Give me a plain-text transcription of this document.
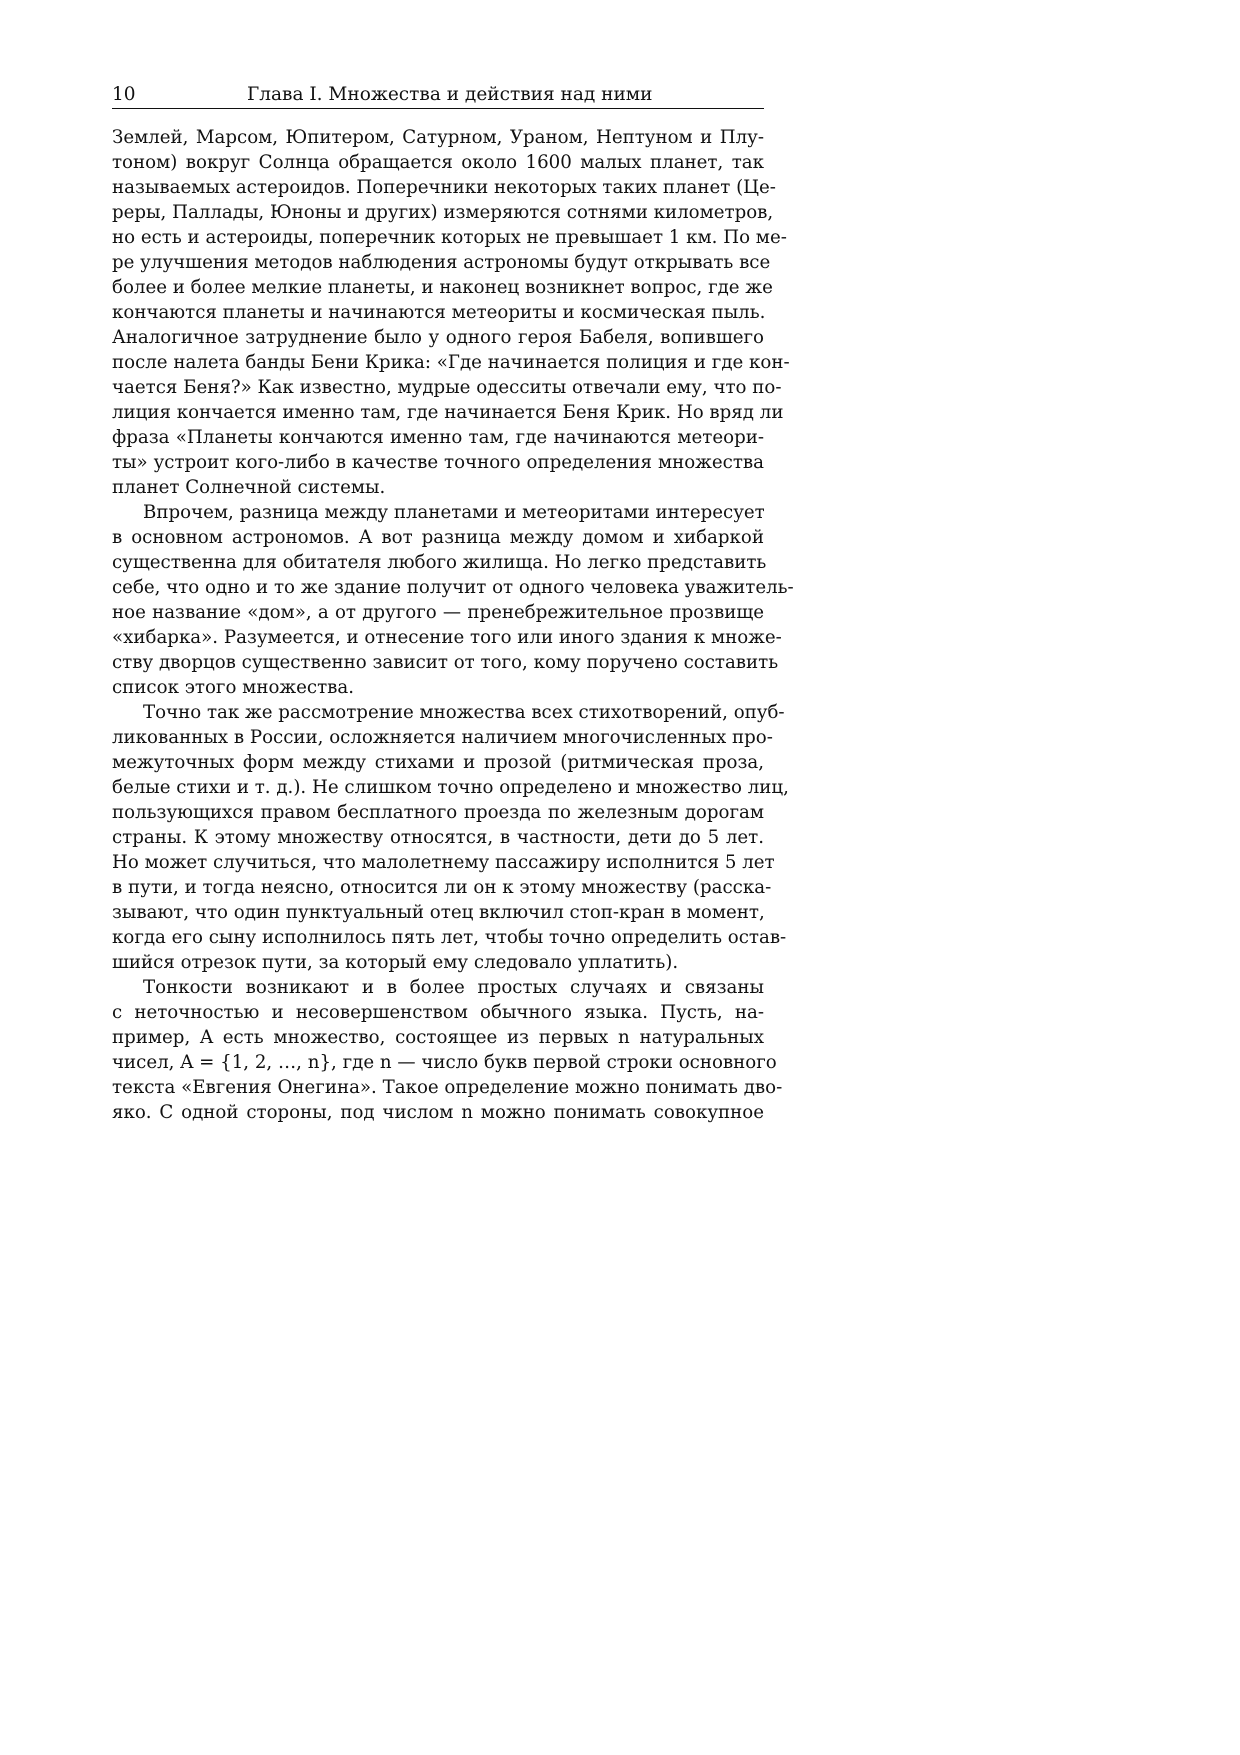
10	Глава I. Множества и действия над ними
Землей, Марсом, Юпитером, Сатурном, Ураном, Нептуном и Плу-
тоном) вокруг Солнца обращается около 1600 малых планет, так
называемых астероидов. Поперечники некоторых таких планет (Це-
реры, Паллады, Юноны и других) измеряются сотнями километров,
но есть и астероиды, поперечник которых не превышает 1 км. По ме-
ре улучшения методов наблюдения астрономы будут открывать все
более и более мелкие планеты, и наконец возникнет вопрос, где же
кончаются планеты и начинаются метеориты и космическая пыль.
Аналогичное затруднение было у одного героя Бабеля, вопившего
после налета банды Бени Крика: «Где начинается полиция и где кон-
чается Беня?» Как известно, мудрые одесситы отвечали ему, что по-
лиция кончается именно там, где начинается Беня Крик. Но вряд ли
фраза «Планеты кончаются именно там, где начинаются метеори-
ты» устроит кого-либо в качестве точного определения множества
планет Солнечной системы.
Впрочем, разница между планетами и метеоритами интересует
в основном астрономов. А вот разница между домом и хибаркой
существенна для обитателя любого жилища. Но легко представить
себе, что одно и то же здание получит от одного человека уважитель-
ное название «дом», а от другого — пренебрежительное прозвище
«хибарка». Разумеется, и отнесение того или иного здания к множе-
ству дворцов существенно зависит от того, кому поручено составить
список этого множества.
Точно так же рассмотрение множества всех стихотворений, опуб-
ликованных в России, осложняется наличием многочисленных про-
межуточных форм между стихами и прозой (ритмическая проза,
белые стихи и т. д.). Не слишком точно определено и множество лиц,
пользующихся правом бесплатного проезда по железным дорогам
страны. К этому множеству относятся, в частности, дети до 5 лет.
Но может случиться, что малолетнему пассажиру исполнится 5 лет
в пути, и тогда неясно, относится ли он к этому множеству (расска-
зывают, что один пунктуальный отец включил стоп-кран в момент,
когда его сыну исполнилось пять лет, чтобы точно определить остав-
шийся отрезок пути, за который ему следовало уплатить).
Тонкости возникают и в более простых случаях и связаны
с неточностью и несовершенством обычного языка. Пусть, на-
пример, A есть множество, состоящее из первых n натуральных
чисел, A = {1, 2, …, n}, где n — число букв первой строки основного
текста «Евгения Онегина». Такое определение можно понимать дво-
яко. С одной стороны, под числом n можно понимать совокупное
